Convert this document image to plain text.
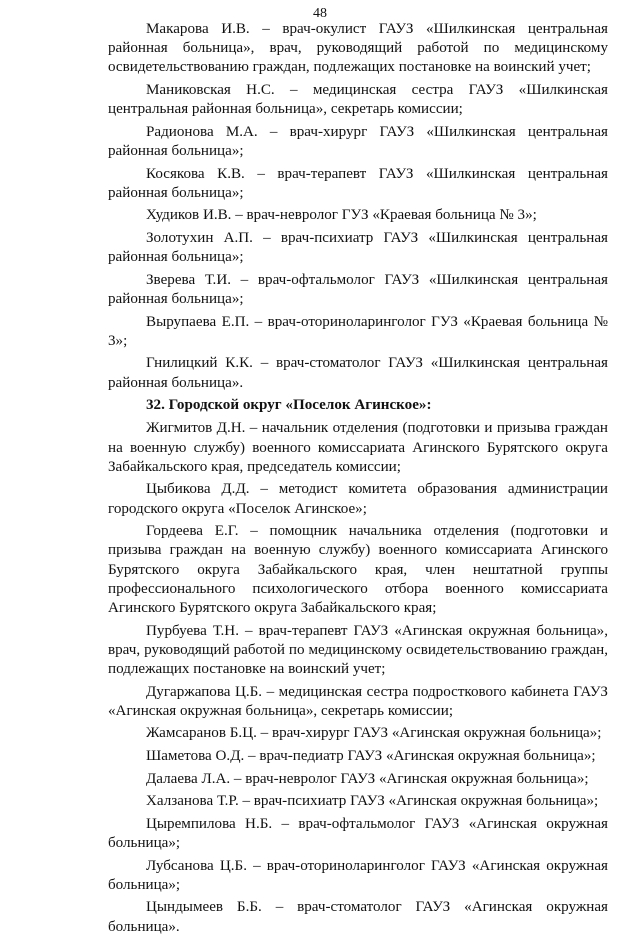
48

Макарова И.В. – врач-окулист ГАУЗ «Шилкинская центральная районная больница», врач, руководящий работой по медицинскому освидетельствованию граждан, подлежащих постановке на воинский учет;

Маниковская Н.С. – медицинская сестра ГАУЗ «Шилкинская центральная районная больница», секретарь комиссии;

Радионова М.А. – врач-хирург ГАУЗ «Шилкинская центральная районная больница»;

Косякова К.В. – врач-терапевт ГАУЗ «Шилкинская центральная районная больница»;

Худиков И.В. – врач-невролог ГУЗ «Краевая больница № 3»;

Золотухин А.П. – врач-психиатр ГАУЗ «Шилкинская центральная районная больница»;

Зверева Т.И. – врач-офтальмолог ГАУЗ «Шилкинская центральная районная больница»;

Вырупаева Е.П. – врач-оториноларинголог ГУЗ «Краевая больница № 3»;

Гнилицкий К.К. – врач-стоматолог ГАУЗ «Шилкинская центральная районная больница».

32. Городской округ «Поселок Агинское»:

Жигмитов Д.Н. – начальник отделения (подготовки и призыва граждан на военную службу) военного комиссариата Агинского Бурятского округа Забайкальского края, председатель комиссии;

Цыбикова Д.Д. – методист комитета образования администрации городского округа «Поселок Агинское»;

Гордеева Е.Г. – помощник начальника отделения (подготовки и призыва граждан на военную службу) военного комиссариата Агинского Бурятского округа Забайкальского края, член нештатной группы профессионального психологического отбора военного комиссариата Агинского Бурятского округа Забайкальского края;

Пурбуева Т.Н. – врач-терапевт ГАУЗ «Агинская окружная больница», врач, руководящий работой по медицинскому освидетельствованию граждан, подлежащих постановке на воинский учет;

Дугаржапова Ц.Б. – медицинская сестра подросткового кабинета ГАУЗ «Агинская окружная больница», секретарь комиссии;

Жамсаранов Б.Ц. – врач-хирург ГАУЗ «Агинская окружная больница»;

Шаметова О.Д. – врач-педиатр ГАУЗ «Агинская окружная больница»;

Далаева Л.А. – врач-невролог ГАУЗ «Агинская окружная больница»;

Халзанова Т.Р. – врач-психиатр ГАУЗ «Агинская окружная больница»;

Цыремпилова Н.Б. – врач-офтальмолог ГАУЗ «Агинская окружная больница»;

Лубсанова Ц.Б. – врач-оториноларинголог ГАУЗ «Агинская окружная больница»;

Цындымеев Б.Б. – врач-стоматолог ГАУЗ «Агинская окружная больница».
